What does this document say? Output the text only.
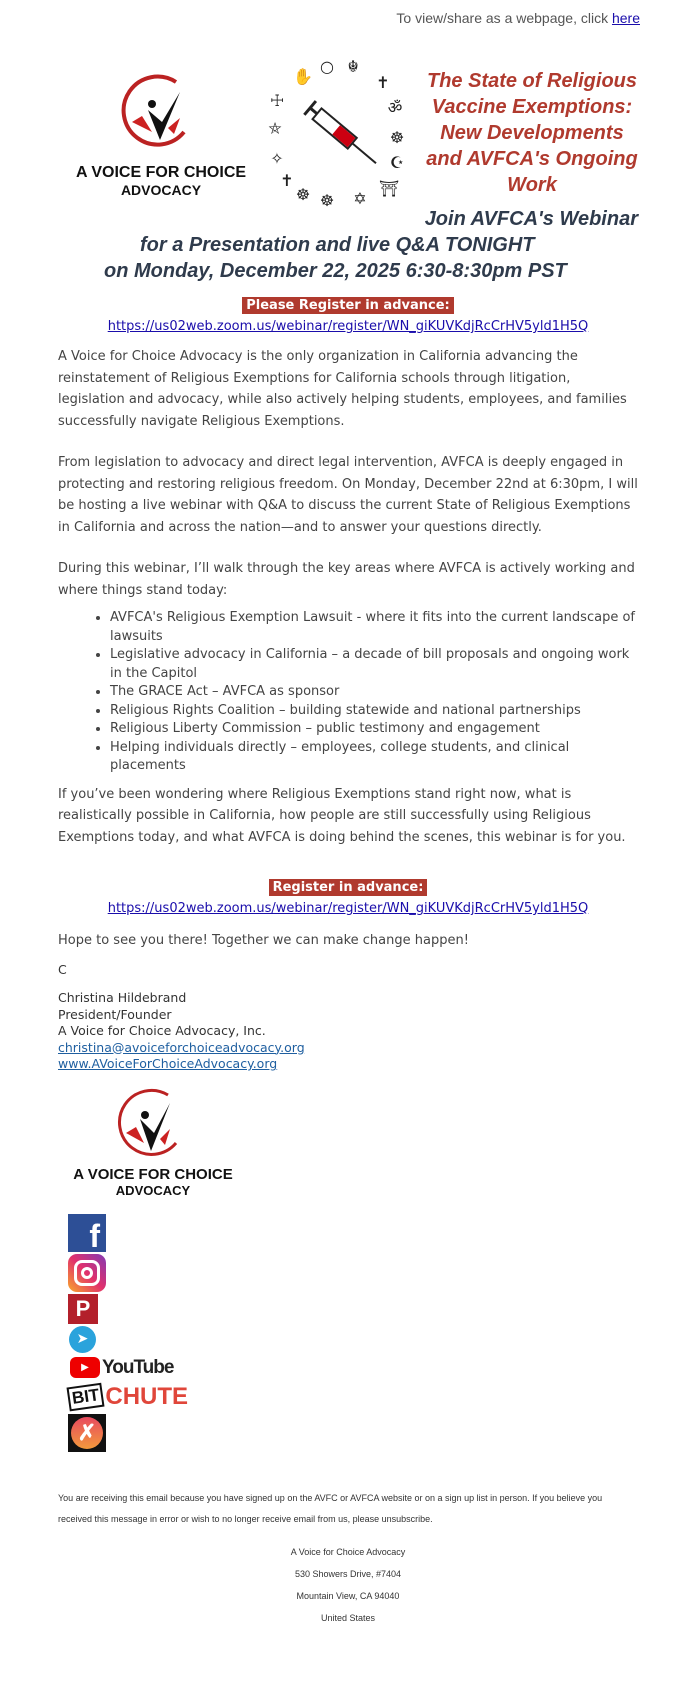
To view/share as a webpage, click here
A VOICE FOR CHOICE
ADVOCACY
○ ☬
✝
ॐ
☸
☪
⛩
✡
☸
☸
✝
✧
⛤
☩
✋	The State of Religious
Vaccine Exemptions:
New Developments
and AVFCA's Ongoing
Work
Join AVFCA's Webinar
for a Presentation and live Q&A TONIGHT
on Monday, December 22, 2025 6:30-8:30pm PST
Please Register in advance:
https://us02web.zoom.us/webinar/register/WN_giKUVKdjRcCrHV5yld1H5Q

A Voice for Choice Advocacy is the only organization in California advancing the reinstatement of Religious Exemptions for California schools through litigation, legislation and advocacy, while also actively helping students, employees, and families successfully navigate Religious Exemptions.

From legislation to advocacy and direct legal intervention, AVFCA is deeply engaged in protecting and restoring religious freedom. On Monday, December 22nd at 6:30pm, I will be hosting a live webinar with Q&A to discuss the current State of Religious Exemptions in California and across the nation—and to answer your questions directly.

During this webinar, I’ll walk through the key areas where AVFCA is actively working and where things stand today:

• AVFCA's Religious Exemption Lawsuit - where it fits into the current landscape of lawsuits
• Legislative advocacy in California – a decade of bill proposals and ongoing work in the Capitol
• The GRACE Act – AVFCA as sponsor
• Religious Rights Coalition – building statewide and national partnerships
• Religious Liberty Commission – public testimony and engagement
• Helping individuals directly – employees, college students, and clinical placements

If you’ve been wondering where Religious Exemptions stand right now, what is realistically possible in California, how people are still successfully using Religious Exemptions today, and what AVFCA is doing behind the scenes, this webinar is for you.

Register in advance:
https://us02web.zoom.us/webinar/register/WN_giKUVKdjRcCrHV5yld1H5Q

Hope to see you there! Together we can make change happen!

C

Christina Hildebrand
President/Founder
A Voice for Choice Advocacy, Inc.
christina@avoiceforchoiceadvocacy.org
www.AVoiceForChoiceAdvocacy.org
A VOICE FOR CHOICE
ADVOCACY
f
P
➤
▶ YouTube
BIT CHUTE
✗

You are receiving this email because you have signed up on the AVFC or AVFCA website or on a sign up list in person. If you believe you received this message in error or wish to no longer receive email from us, please unsubscribe.

A Voice for Choice Advocacy
530 Showers Drive, #7404
Mountain View, CA 94040
United States
